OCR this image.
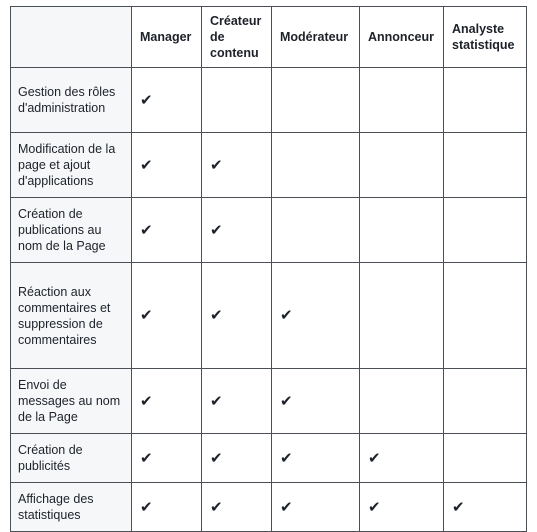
	Manager	Créateur de contenu	Modérateur	Annonceur	Analyste statistique
Gestion des rôles d'administration	✔				
Modification de la page et ajout d'applications	✔	✔			
Création de publications au nom de la Page	✔	✔			
Réaction aux commentaires et suppression de commentaires	✔	✔	✔		
Envoi de messages au nom de la Page	✔	✔	✔		
Création de publicités	✔	✔	✔	✔	
Affichage des statistiques	✔	✔	✔	✔	✔
